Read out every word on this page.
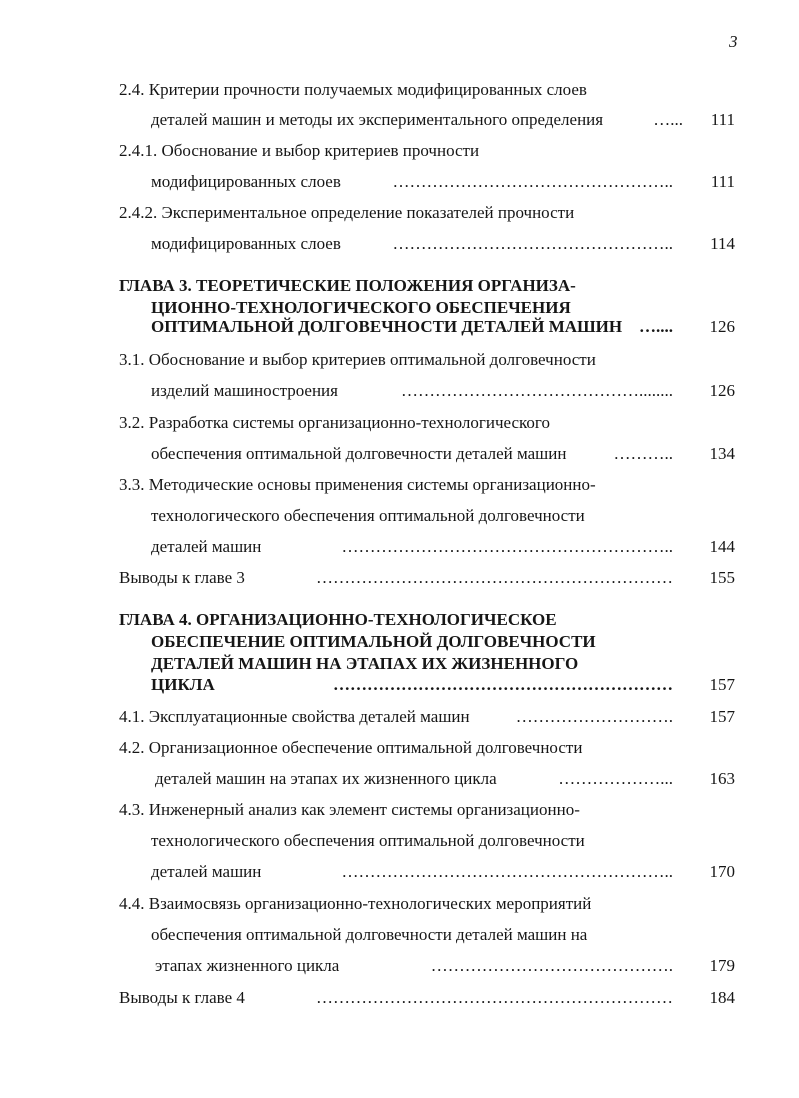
3
2.4. Критерии прочности получаемых модифицированных слоев
деталей машин и методы их экспериментального определения	…... 111
2.4.1. Обоснование и выбор критериев прочности
модифицированных слоев	………………………………………….. 111
2.4.2. Экспериментальное определение показателей прочности
модифицированных слоев	………………………………………….. 114
ГЛАВА 3. ТЕОРЕТИЧЕСКИЕ ПОЛОЖЕНИЯ ОРГАНИЗА-
ЦИОННО-ТЕХНОЛОГИЧЕСКОГО ОБЕСПЕЧЕНИЯ
ОПТИМАЛЬНОЙ ДОЛГОВЕЧНОСТИ ДЕТАЛЕЙ МАШИН ….... 126
3.1. Обоснование и выбор критериев оптимальной долговечности
изделий машиностроения	……………………………………........ 126
3.2. Разработка системы организационно-технологического
обеспечения оптимальной долговечности деталей машин	……….. 134
3.3. Методические основы применения системы организационно-
технологического обеспечения оптимальной долговечности
деталей машин	………………………………………………….. 144
Выводы к главе 3	……………………………………………………… 155
ГЛАВА 4. ОРГАНИЗАЦИОННО-ТЕХНОЛОГИЧЕСКОЕ
ОБЕСПЕЧЕНИЕ ОПТИМАЛЬНОЙ ДОЛГОВЕЧНОСТИ
ДЕТАЛЕЙ МАШИН НА ЭТАПАХ ИХ ЖИЗНЕННОГО
ЦИКЛА	…………………………………………………… 157
4.1. Эксплуатационные свойства деталей машин	………………………. 157
4.2. Организационное обеспечение оптимальной долговечности
деталей машин на этапах их жизненного цикла	………………... 163
4.3. Инженерный анализ как элемент системы организационно-
технологического обеспечения оптимальной долговечности
деталей машин	………………………………………………….. 170
4.4. Взаимосвязь организационно-технологических мероприятий
обеспечения оптимальной долговечности деталей машин на
этапах жизненного цикла	……………………………………. 179
Выводы к главе 4	……………………………………………………… 184
